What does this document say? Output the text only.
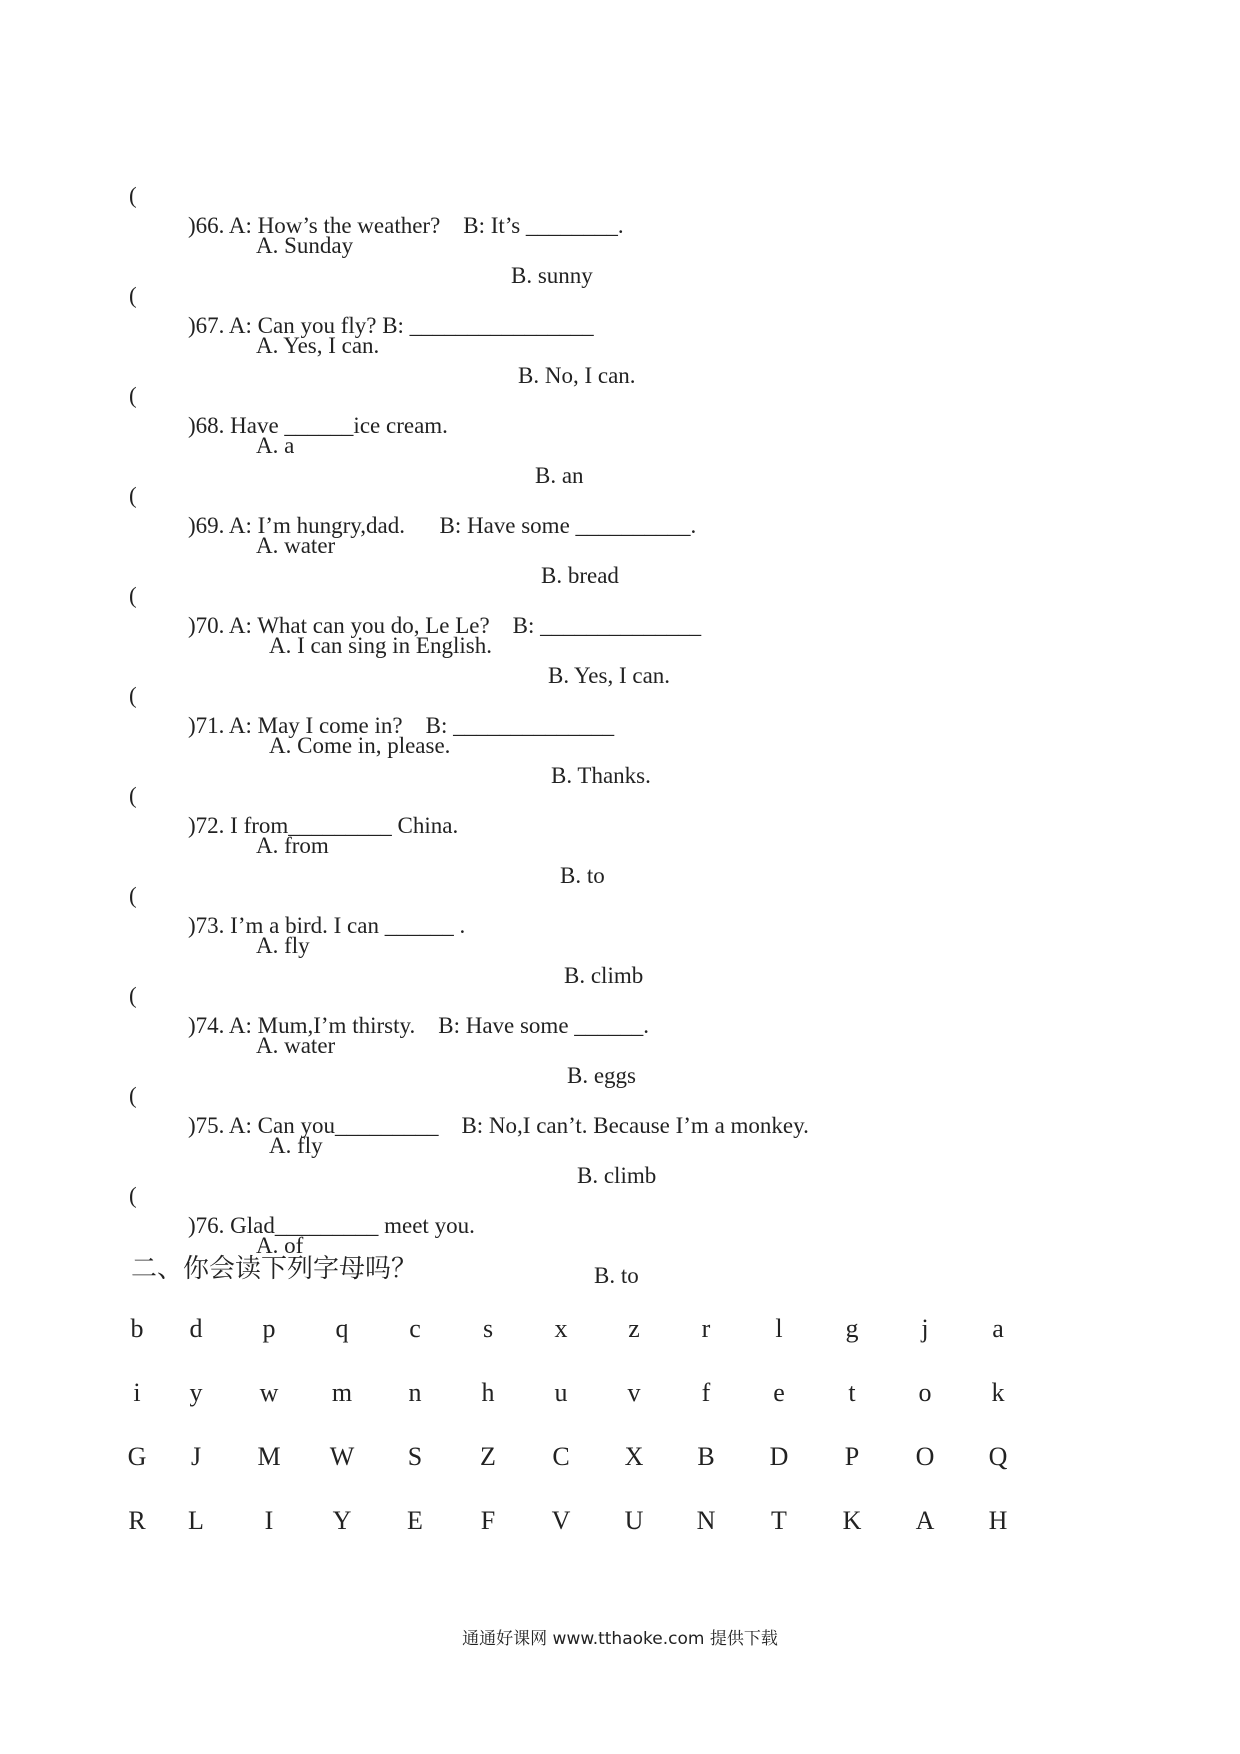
(

)66. A: How’s the weather?    B: It’s ________.

A. Sunday

B. sunny

(

)67. A: Can you fly? B: ________________

A. Yes, I can.

B. No, I can.

(

)68. Have ______ice cream.

A. a

B. an

(

)69. A: I’m hungry,dad.      B: Have some __________.

A. water

B. bread

(

)70. A: What can you do, Le Le?    B: ______________

A. I can sing in English.

B. Yes, I can.

(

)71. A: May I come in?    B: ______________

A. Come in, please.

B. Thanks.

(

)72. I from_________ China.

A. from

B. to

(

)73. I’m a bird. I can ______ .

A. fly

B. climb

(

)74. A: Mum,I’m thirsty.    B: Have some ______.

A. water

B. eggs

(

)75. A: Can you_________    B: No,I can’t. Because I’m a monkey.

A. fly

B. climb

(

)76. Glad_________ meet you.

A. of

B. to

二、你会读下列字母吗？
b	d	p	q	c	s	x	z	r	l	g	j	a
i	y	w	m	n	h	u	v	f	e	t	o	k
G	J	M	W	S	Z	C	X	B	D	P	O	Q
R	L	I	Y	E	F	V	U	N	T	K	A	H
通通好课网 www.tthaoke.com 提供下载
